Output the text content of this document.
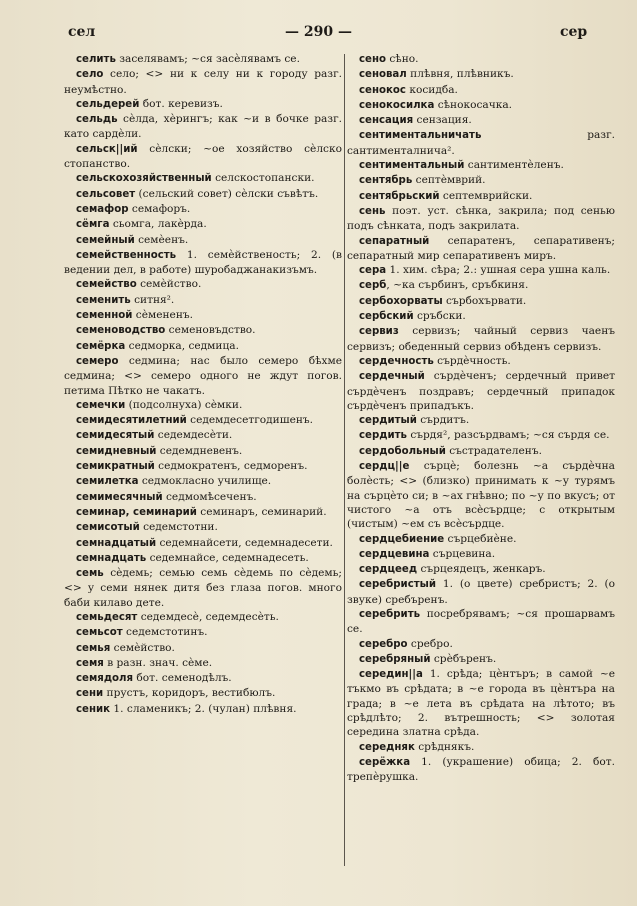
сел	— 290 —	сер

селить заселявамъ; ~ся засѐлявамъ се.

село село; <> ни к селу ни к городу разг. неумѣстно.

сельдерей бот. керевизъ.

сельдь сѐлда, хѐрингъ; как ~и в бочке разг. като сардѐли.

сельск||ий сѐлски; ~ое хозяйство сѐлско стопанство.

сельскохозяйственный селскостопански.

сельсовет (сельский совет) сѐлски съвѣтъ.

семафор семафоръ.

сёмга сьомга, лакѐрда.

семейный семѐенъ.

семейственность 1. семѐйственость; 2. (в ведении дел, в работе) шуробаджанакизъмъ.

семейство семѐйство.

семенить ситня².

семенной сѐмененъ.

семеноводство семеновъдство.

семёрка седморка, седмица.

семеро седмина; нас было семеро бѣхме седмина; <> семеро одного не ждут погов. петима Пѣтко не чакатъ.

семечки (подсолнуха) сѐмки.

семидесятилетний седемдесетгодишенъ.

семидесятый седемдесѐти.

семидневный седемдневенъ.

семикратный седмократенъ, седморенъ.

семилетка седмокласно училище.

семимесячный седмомѣсеченъ.

семинар, семинарий семинаръ, семинарий.

семисотый седемстотни.

семнадцатый седемнайсети, седемнадесети.

семнадцать седемнайсе, седемнадесеть.

семь сѐдемь; семью семь сѐдемь по сѐдемь; <> у семи нянек дитя без глаза погов. много баби килаво дете.

семьдесят седемдесѐ, седемдесѐть.

семьсот седемстотинъ.

семья семѐйство.

семя в разн. знач. сѐме.

семядоля бот. семенодѣлъ.

сени прустъ, коридоръ, вестибюлъ.

сеник 1. сламеникъ; 2. (чулан) плѣвня.

сено сѣно.

сеновал плѣвня, плѣвникъ.

сенокос косидба.

сенокосилка сѣнокосачка.

сенсация сензация.

сентиментальничать разг. сантименталнича².

сентиментальный сантиментѐленъ.

сентябрь септѐмврий.

сентябрьский септемврийски.

сень поэт. уст. сѣнка, закрила; под сенью подъ сѣнката, подъ закрилата.

сепаратный сепаратенъ, сепаративенъ; сепаратный мир сепаративенъ миръ.

сера 1. хим. сѣра; 2.: ушная сера ушна каль.

серб, ~ка сърбинъ, сръбкиня.

сербохорваты сърбохървати.

сербский сръбски.

сервиз сервизъ; чайный сервиз чаенъ сервизъ; обеденный сервиз обѣденъ сервизъ.

сердечность сърдѐчность.

сердечный сърдѐченъ; сердечный привет сърдѐченъ поздравъ; сердечный припадок сърдѐченъ припадъкъ.

сердитый сърдитъ.

сердить сърдя², разсърдвамъ; ~ся сърдя се.

сердобольный състрадателенъ.

сердц||е сърцѐ; болезнь ~а сърдѐчна болѐсть; <> (близко) принимать к ~у турямъ на сърцѐто си; в ~ах гнѣвно; по ~у по вкусъ; от чистого ~а отъ всѐсърдце; с открытым (чистым) ~ем съ всѐсърдце.

сердцебиение сърцебиѐне.

сердцевина сърцевина.

сердцеед сърцеядецъ, женкаръ.

серебристый 1. (о цвете) сребристъ; 2. (о звуке) сребъренъ.

серебрить посребрявамъ; ~ся прошарвамъ се.

серебро сребро.

серебряный срѐбъренъ.

середин||а 1. срѣда; цѐнтъръ; в самой ~е тъкмо въ срѣдата; в ~е города въ цѐнтъра на града; в ~е лета въ срѣдата на лѣтото; въ срѣдлѣто; 2. вътрешность; <> золотая середина златна срѣда.

середняк срѣднякъ.

серёжка 1. (украшение) обица; 2. бот. трепѐрушка.
